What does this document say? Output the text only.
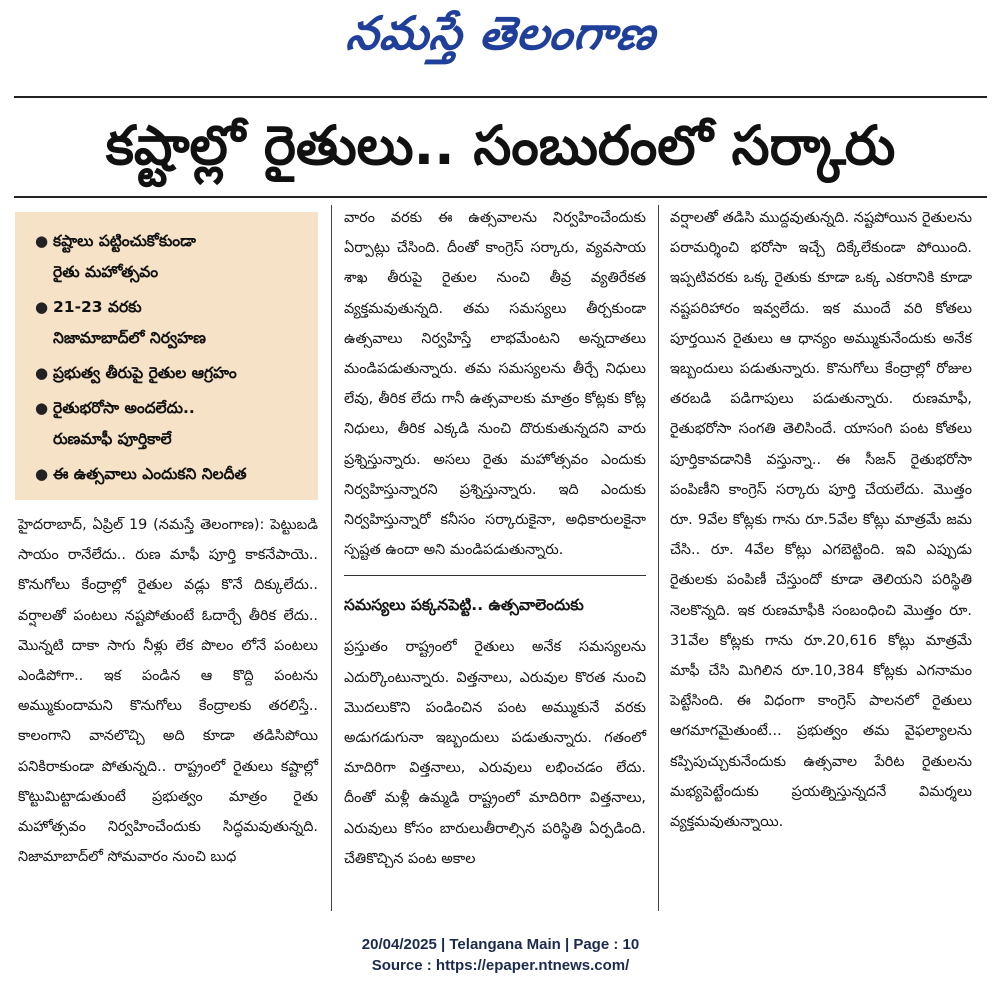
నమస్తే తెలంగాణ
కష్టాల్లో రైతులు.. సంబురంలో సర్కారు
● కష్టాలు పట్టించుకోకుండా
రైతు మహోత్సవం
● 21-23 వరకు
నిజామాబాద్‌లో నిర్వహణ
● ప్రభుత్వ తీరుపై రైతుల ఆగ్రహం
● రైతుభరోసా అందలేదు..
రుణమాఫీ పూర్తికాలే
● ఈ ఉత్సవాలు ఎందుకని నిలదీత

హైదరాబాద్, ఏప్రిల్ 19 (నమస్తే తెలంగాణ): పెట్టుబడి సాయం రానేలేదు.. రుణ మాఫీ పూర్తి కాకనేపాయె.. కొనుగోలు కేంద్రాల్లో రైతుల వడ్లు కొనే దిక్కులేదు.. వర్షాలతో పంటలు నష్టపోతుంటే ఓదార్చే తీరిక లేదు.. మొన్నటి దాకా సాగు నీళ్లు లేక పొలం లోనే పంటలు ఎండిపోగా.. ఇక పండిన ఆ కొద్ది పంటను అమ్ముకుందామని కొనుగోలు కేంద్రాలకు తరలిస్తే.. కాలంగాని వానలొచ్చి అది కూడా తడిసిపోయి పనికిరాకుండా పోతున్నది.. రాష్ట్రంలో రైతులు కష్టాల్లో కొట్టుమిట్టాడుతుంటే ప్రభుత్వం మాత్రం రైతు మహోత్సవం నిర్వహించేందుకు సిద్ధమవుతున్నది. నిజామాబాద్‌లో సోమవారం నుంచి బుధ

వారం వరకు ఈ ఉత్సవాలను నిర్వహించేందుకు ఏర్పాట్లు చేసింది. దీంతో కాంగ్రెస్ సర్కారు, వ్యవసాయ శాఖ తీరుపై రైతుల నుంచి తీవ్ర వ్యతిరేకత వ్యక్తమవుతున్నది. తమ సమస్యలు తీర్చకుండా ఉత్సవాలు నిర్వహిస్తే లాభమేంటని అన్నదాతలు మండిపడుతున్నారు. తమ సమస్యలను తీర్చే నిధులు లేవు, తీరిక లేదు గానీ ఉత్సవాలకు మాత్రం కోట్లకు కోట్ల నిధులు, తీరిక ఎక్కడి నుంచి దొరుకుతున్నదని వారు ప్రశ్నిస్తున్నారు. అసలు రైతు మహోత్సవం ఎందుకు నిర్వహిస్తున్నారని ప్రశ్నిస్తున్నారు. ఇది ఎందుకు నిర్వహిస్తున్నారో కనీసం సర్కారుకైనా, అధికారులకైనా స్పష్టత ఉందా అని మండిపడుతున్నారు.

సమస్యలు పక్కనపెట్టి.. ఉత్సవాలెందుకు

ప్రస్తుతం రాష్ట్రంలో రైతులు అనేక సమస్యలను ఎదుర్కొంటున్నారు. విత్తనాలు, ఎరువుల కొరత నుంచి మొదలుకొని పండించిన పంట అమ్ముకునే వరకు అడుగడుగునా ఇబ్బందులు పడుతున్నారు. గతంలో మాదిరిగా విత్తనాలు, ఎరువులు లభించడం లేదు. దీంతో మళ్లీ ఉమ్మడి రాష్ట్రంలో మాదిరిగా విత్తనాలు, ఎరువులు కోసం బారులుతీరాల్సిన పరిస్థితి ఏర్పడింది. చేతికొచ్చిన పంట అకాల

వర్షాలతో తడిసి ముద్దవుతున్నది. నష్టపోయిన రైతులను పరామర్శించి భరోసా ఇచ్చే దిక్కేలేకుండా పోయింది. ఇప్పటివరకు ఒక్క రైతుకు కూడా ఒక్క ఎకరానికి కూడా నష్టపరిహారం ఇవ్వలేదు. ఇక ముందే వరి కోతలు పూర్తయిన రైతులు ఆ ధాన్యం అమ్ముకునేందుకు అనేక ఇబ్బందులు పడుతున్నారు. కొనుగోలు కేంద్రాల్లో రోజుల తరబడి పడిగాపులు పడుతున్నారు. రుణమాఫీ, రైతుభరోసా సంగతి తెలిసిందే. యాసంగి పంట కోతలు పూర్తికావడానికి వస్తున్నా.. ఈ సీజన్ రైతుభరోసా పంపిణీని కాంగ్రెస్ సర్కారు పూర్తి చేయలేదు. మొత్తం రూ. 9వేల కోట్లకు గాను రూ.5వేల కోట్లు మాత్రమే జమ చేసి.. రూ. 4వేల కోట్లు ఎగబెట్టింది. ఇవి ఎప్పుడు రైతులకు పంపిణీ చేస్తుందో కూడా తెలియని పరిస్థితి నెలకొన్నది. ఇక రుణమాఫీకి సంబంధించి మొత్తం రూ. 31వేల కోట్లకు గాను రూ.20,616 కోట్లు మాత్రమే మాఫీ చేసి మిగిలిన రూ.10,384 కోట్లకు ఎగనామం పెట్టేసింది. ఈ విధంగా కాంగ్రెస్ పాలనలో రైతులు ఆగమాగమైతుంటే... ప్రభుత్వం తమ వైఫల్యాలను కప్పిపుచ్చుకునేందుకు ఉత్సవాల పేరిట రైతులను మభ్యపెట్టేందుకు ప్రయత్నిస్తున్నదనే విమర్శలు వ్యక్తమవుతున్నాయి.

20/04/2025 | Telangana Main | Page : 10
Source : https://epaper.ntnews.com/
